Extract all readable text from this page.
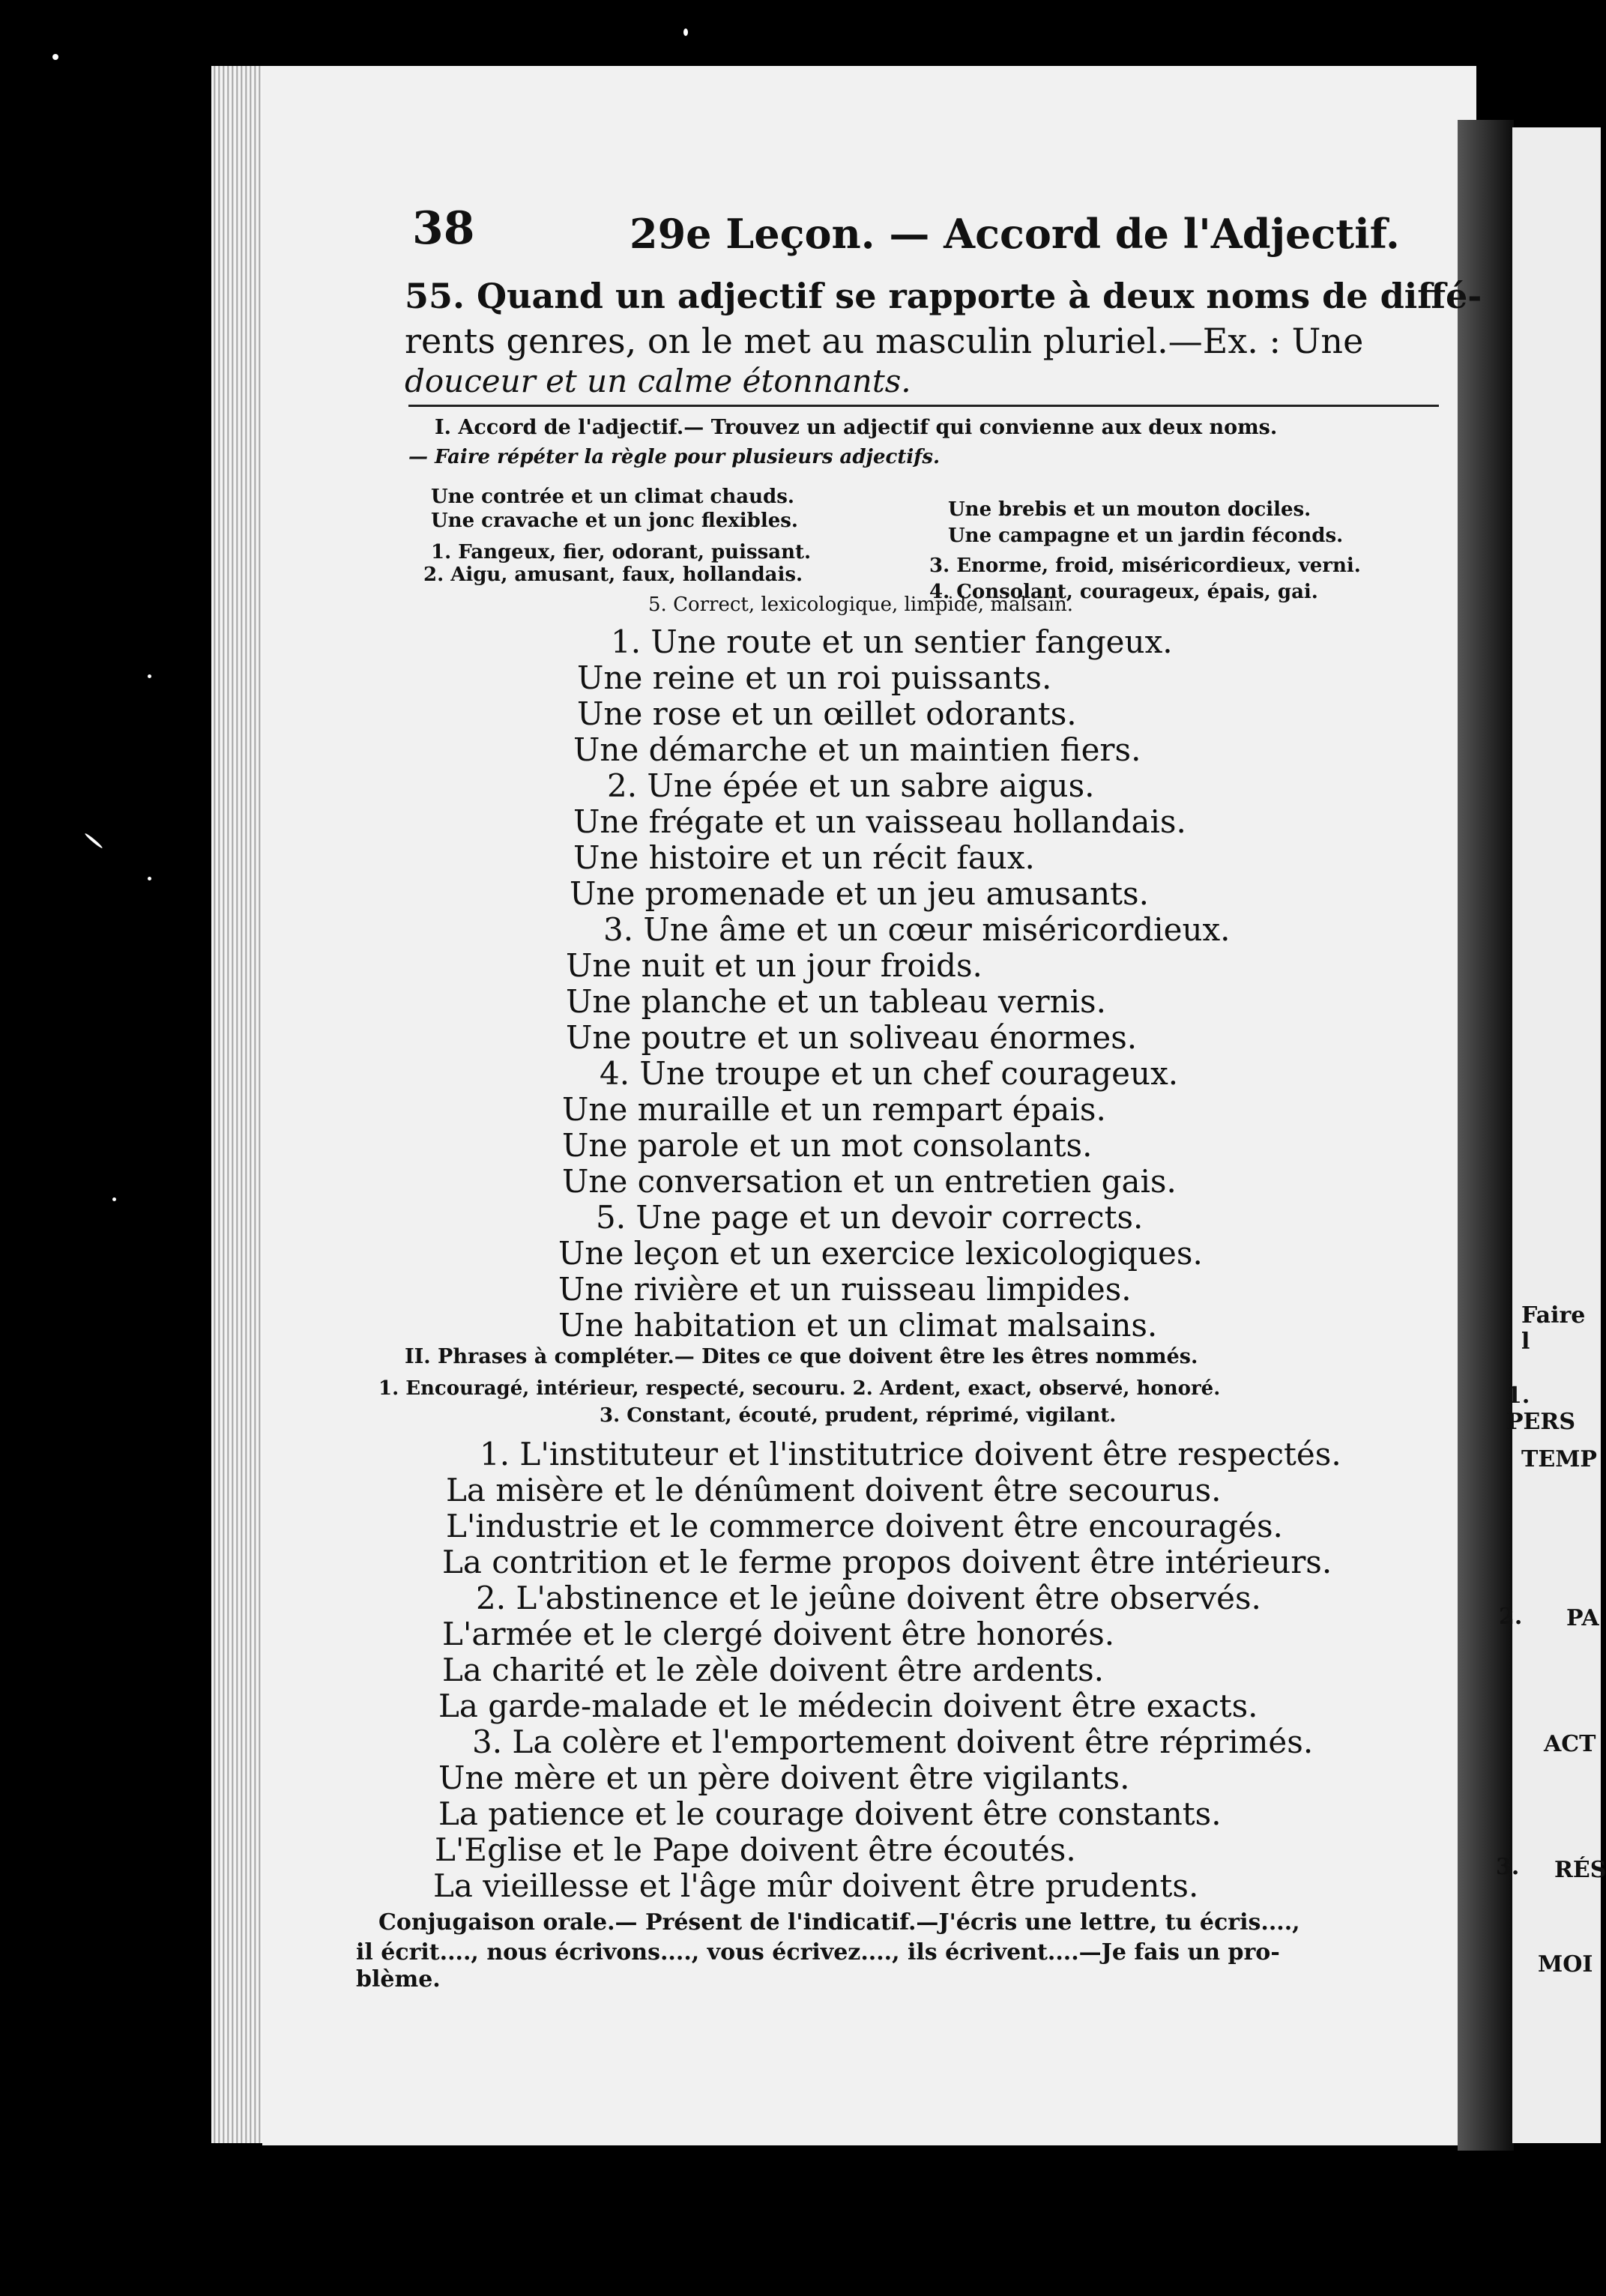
38	29e Leçon. — Accord de l'Adjectif.
55. Quand un adjectif se rapporte à deux noms de diffé-
rents genres, on le met au masculin pluriel.—Ex. : Une
douceur et un calme étonnants.
I. Accord de l'adjectif.— Trouvez un adjectif qui convienne aux deux noms.
— Faire répéter la règle pour plusieurs adjectifs.
Une contrée et un climat chauds.
Une cravache et un jonc flexibles.	Une brebis et un mouton dociles.
Une campagne et un jardin féconds.
1. Fangeux, fier, odorant, puissant.
2. Aigu, amusant, faux, hollandais.	3. Enorme, froid, miséricordieux, verni.
4. Consolant, courageux, épais, gai.
5. Correct, lexicologique, limpide, malsain.
1. Une route et un sentier fangeux.
Une reine et un roi puissants.
Une rose et un œillet odorants.
Une démarche et un maintien fiers.
2. Une épée et un sabre aigus.
Une frégate et un vaisseau hollandais.
Une histoire et un récit faux.
Une promenade et un jeu amusants.
3. Une âme et un cœur miséricordieux.
Une nuit et un jour froids.
Une planche et un tableau vernis.
Une poutre et un soliveau énormes.
4. Une troupe et un chef courageux.
Une muraille et un rempart épais.
Une parole et un mot consolants.
Une conversation et un entretien gais.
5. Une page et un devoir corrects.
Une leçon et un exercice lexicologiques.
Une rivière et un ruisseau limpides.
Une habitation et un climat malsains.
II. Phrases à compléter.— Dites ce que doivent être les êtres nommés.
1. Encouragé, intérieur, respecté, secouru. 2. Ardent, exact, observé, honoré.
3. Constant, écouté, prudent, réprimé, vigilant.
1. L'instituteur et l'institutrice doivent être respectés.
La misère et le dénûment doivent être secourus.
L'industrie et le commerce doivent être encouragés.
La contrition et le ferme propos doivent être intérieurs.
2. L'abstinence et le jeûne doivent être observés.
L'armée et le clergé doivent être honorés.
La charité et le zèle doivent être ardents.
La garde-malade et le médecin doivent être exacts.
3. La colère et l'emportement doivent être réprimés.
Une mère et un père doivent être vigilants.
La patience et le courage doivent être constants.
L'Eglise et le Pape doivent être écoutés.
La vieillesse et l'âge mûr doivent être prudents.
Conjugaison orale.— Présent de l'indicatif.—J'écris une lettre, tu écris....,
il écrit...., nous écrivons...., vous écrivez...., ils écrivent....—Je fais un pro-
blème.
Faire l
1. PERS
TEMP
2. PA
ACT
3. RÉS
MOI
